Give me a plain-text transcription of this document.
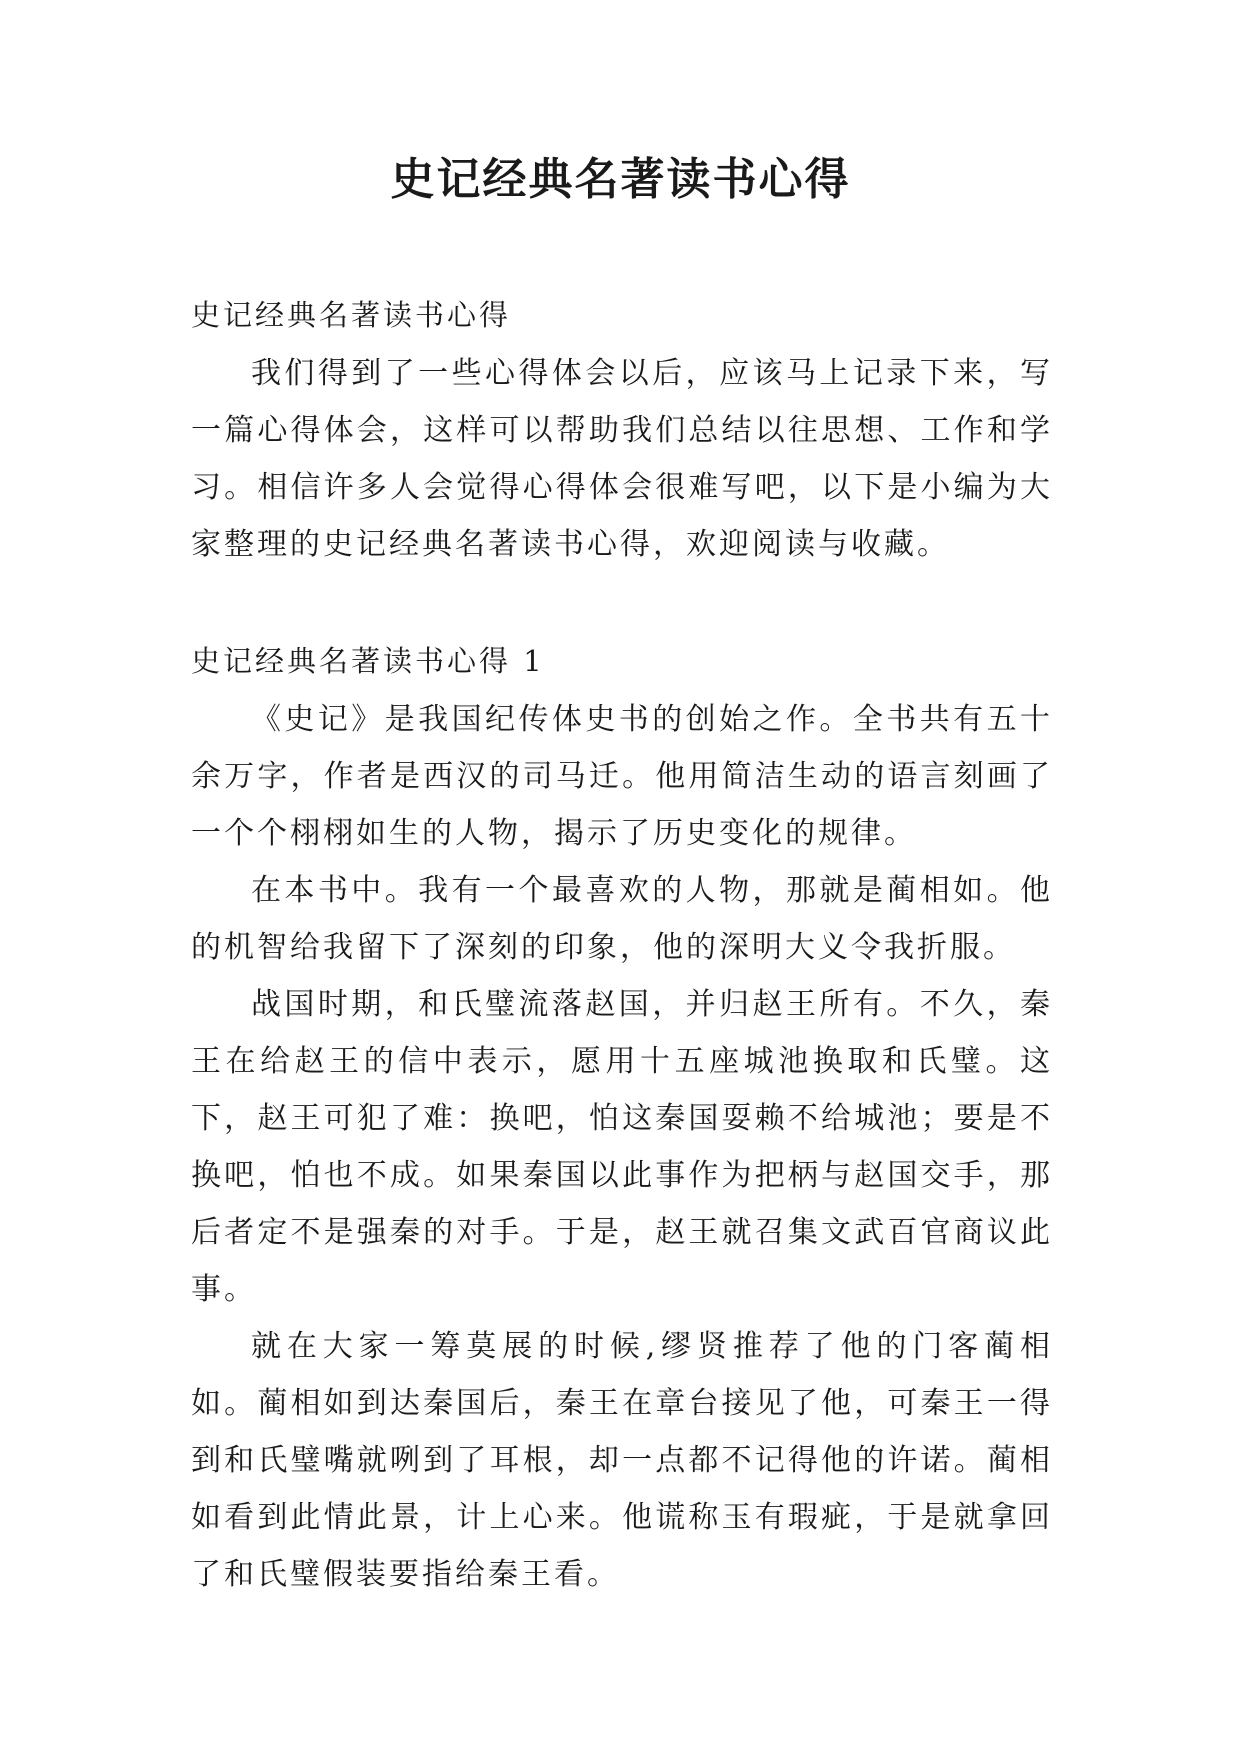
史记经典名著读书心得

史记经典名著读书心得

我们得到了一些心得体会以后，应该马上记录下来，写一篇心得体会，这样可以帮助我们总结以往思想、工作和学习。相信许多人会觉得心得体会很难写吧，以下是小编为大家整理的史记经典名著读书心得，欢迎阅读与收藏。

史记经典名著读书心得 1

《史记》是我国纪传体史书的创始之作。全书共有五十余万字，作者是西汉的司马迁。他用简洁生动的语言刻画了一个个栩栩如生的人物，揭示了历史变化的规律。

在本书中。我有一个最喜欢的人物，那就是蔺相如。他的机智给我留下了深刻的印象，他的深明大义令我折服。

战国时期，和氏璧流落赵国，并归赵王所有。不久，秦王在给赵王的信中表示，愿用十五座城池换取和氏璧。这下，赵王可犯了难：换吧，怕这秦国耍赖不给城池；要是不换吧，怕也不成。如果秦国以此事作为把柄与赵国交手，那后者定不是强秦的对手。于是，赵王就召集文武百官商议此事。

就在大家一筹莫展的时候,缪贤推荐了他的门客蔺相如。蔺相如到达秦国后，秦王在章台接见了他，可秦王一得到和氏璧嘴就咧到了耳根，却一点都不记得他的许诺。蔺相如看到此情此景，计上心来。他谎称玉有瑕疵，于是就拿回了和氏璧假装要指给秦王看。
